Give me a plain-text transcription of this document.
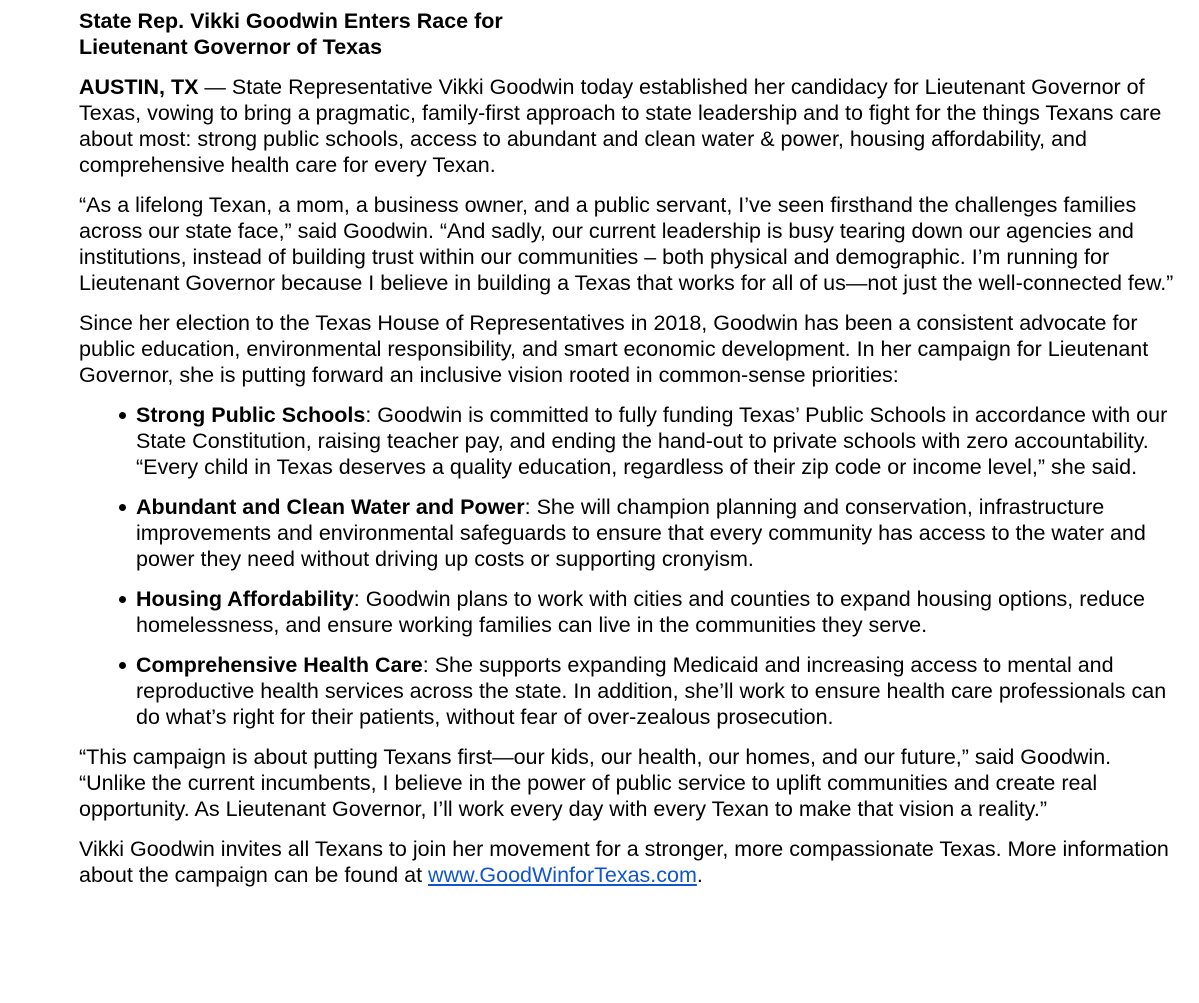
State Rep. Vikki Goodwin Enters Race for
Lieutenant Governor of Texas

AUSTIN, TX — State Representative Vikki Goodwin today established her candidacy for Lieutenant Governor of Texas, vowing to bring a pragmatic, family-first approach to state leadership and to fight for the things Texans care about most: strong public schools, access to abundant and clean water & power, housing affordability, and comprehensive health care for every Texan.

“As a lifelong Texan, a mom, a business owner, and a public servant, I’ve seen firsthand the challenges families across our state face,” said Goodwin. “And sadly, our current leadership is busy tearing down our agencies and institutions, instead of building trust within our communities – both physical and demographic. I’m running for Lieutenant Governor because I believe in building a Texas that works for all of us—not just the well-connected few.”

Since her election to the Texas House of Representatives in 2018, Goodwin has been a consistent advocate for public education, environmental responsibility, and smart economic development. In her campaign for Lieutenant Governor, she is putting forward an inclusive vision rooted in common-sense priorities:

Strong Public Schools: Goodwin is committed to fully funding Texas’ Public Schools in accordance with our State Constitution, raising teacher pay, and ending the hand-out to private schools with zero accountability. “Every child in Texas deserves a quality education, regardless of their zip code or income level,” she said.
Abundant and Clean Water and Power: She will champion planning and conservation, infrastructure improvements and environmental safeguards to ensure that every community has access to the water and power they need without driving up costs or supporting cronyism.
Housing Affordability: Goodwin plans to work with cities and counties to expand housing options, reduce homelessness, and ensure working families can live in the communities they serve.
Comprehensive Health Care: She supports expanding Medicaid and increasing access to mental and reproductive health services across the state. In addition, she’ll work to ensure health care professionals can do what’s right for their patients, without fear of over-zealous prosecution.

“This campaign is about putting Texans first—our kids, our health, our homes, and our future,” said Goodwin. “Unlike the current incumbents, I believe in the power of public service to uplift communities and create real opportunity. As Lieutenant Governor, I’ll work every day with every Texan to make that vision a reality.”

Vikki Goodwin invites all Texans to join her movement for a stronger, more compassionate Texas. More information about the campaign can be found at www.GoodWinforTexas.com.
